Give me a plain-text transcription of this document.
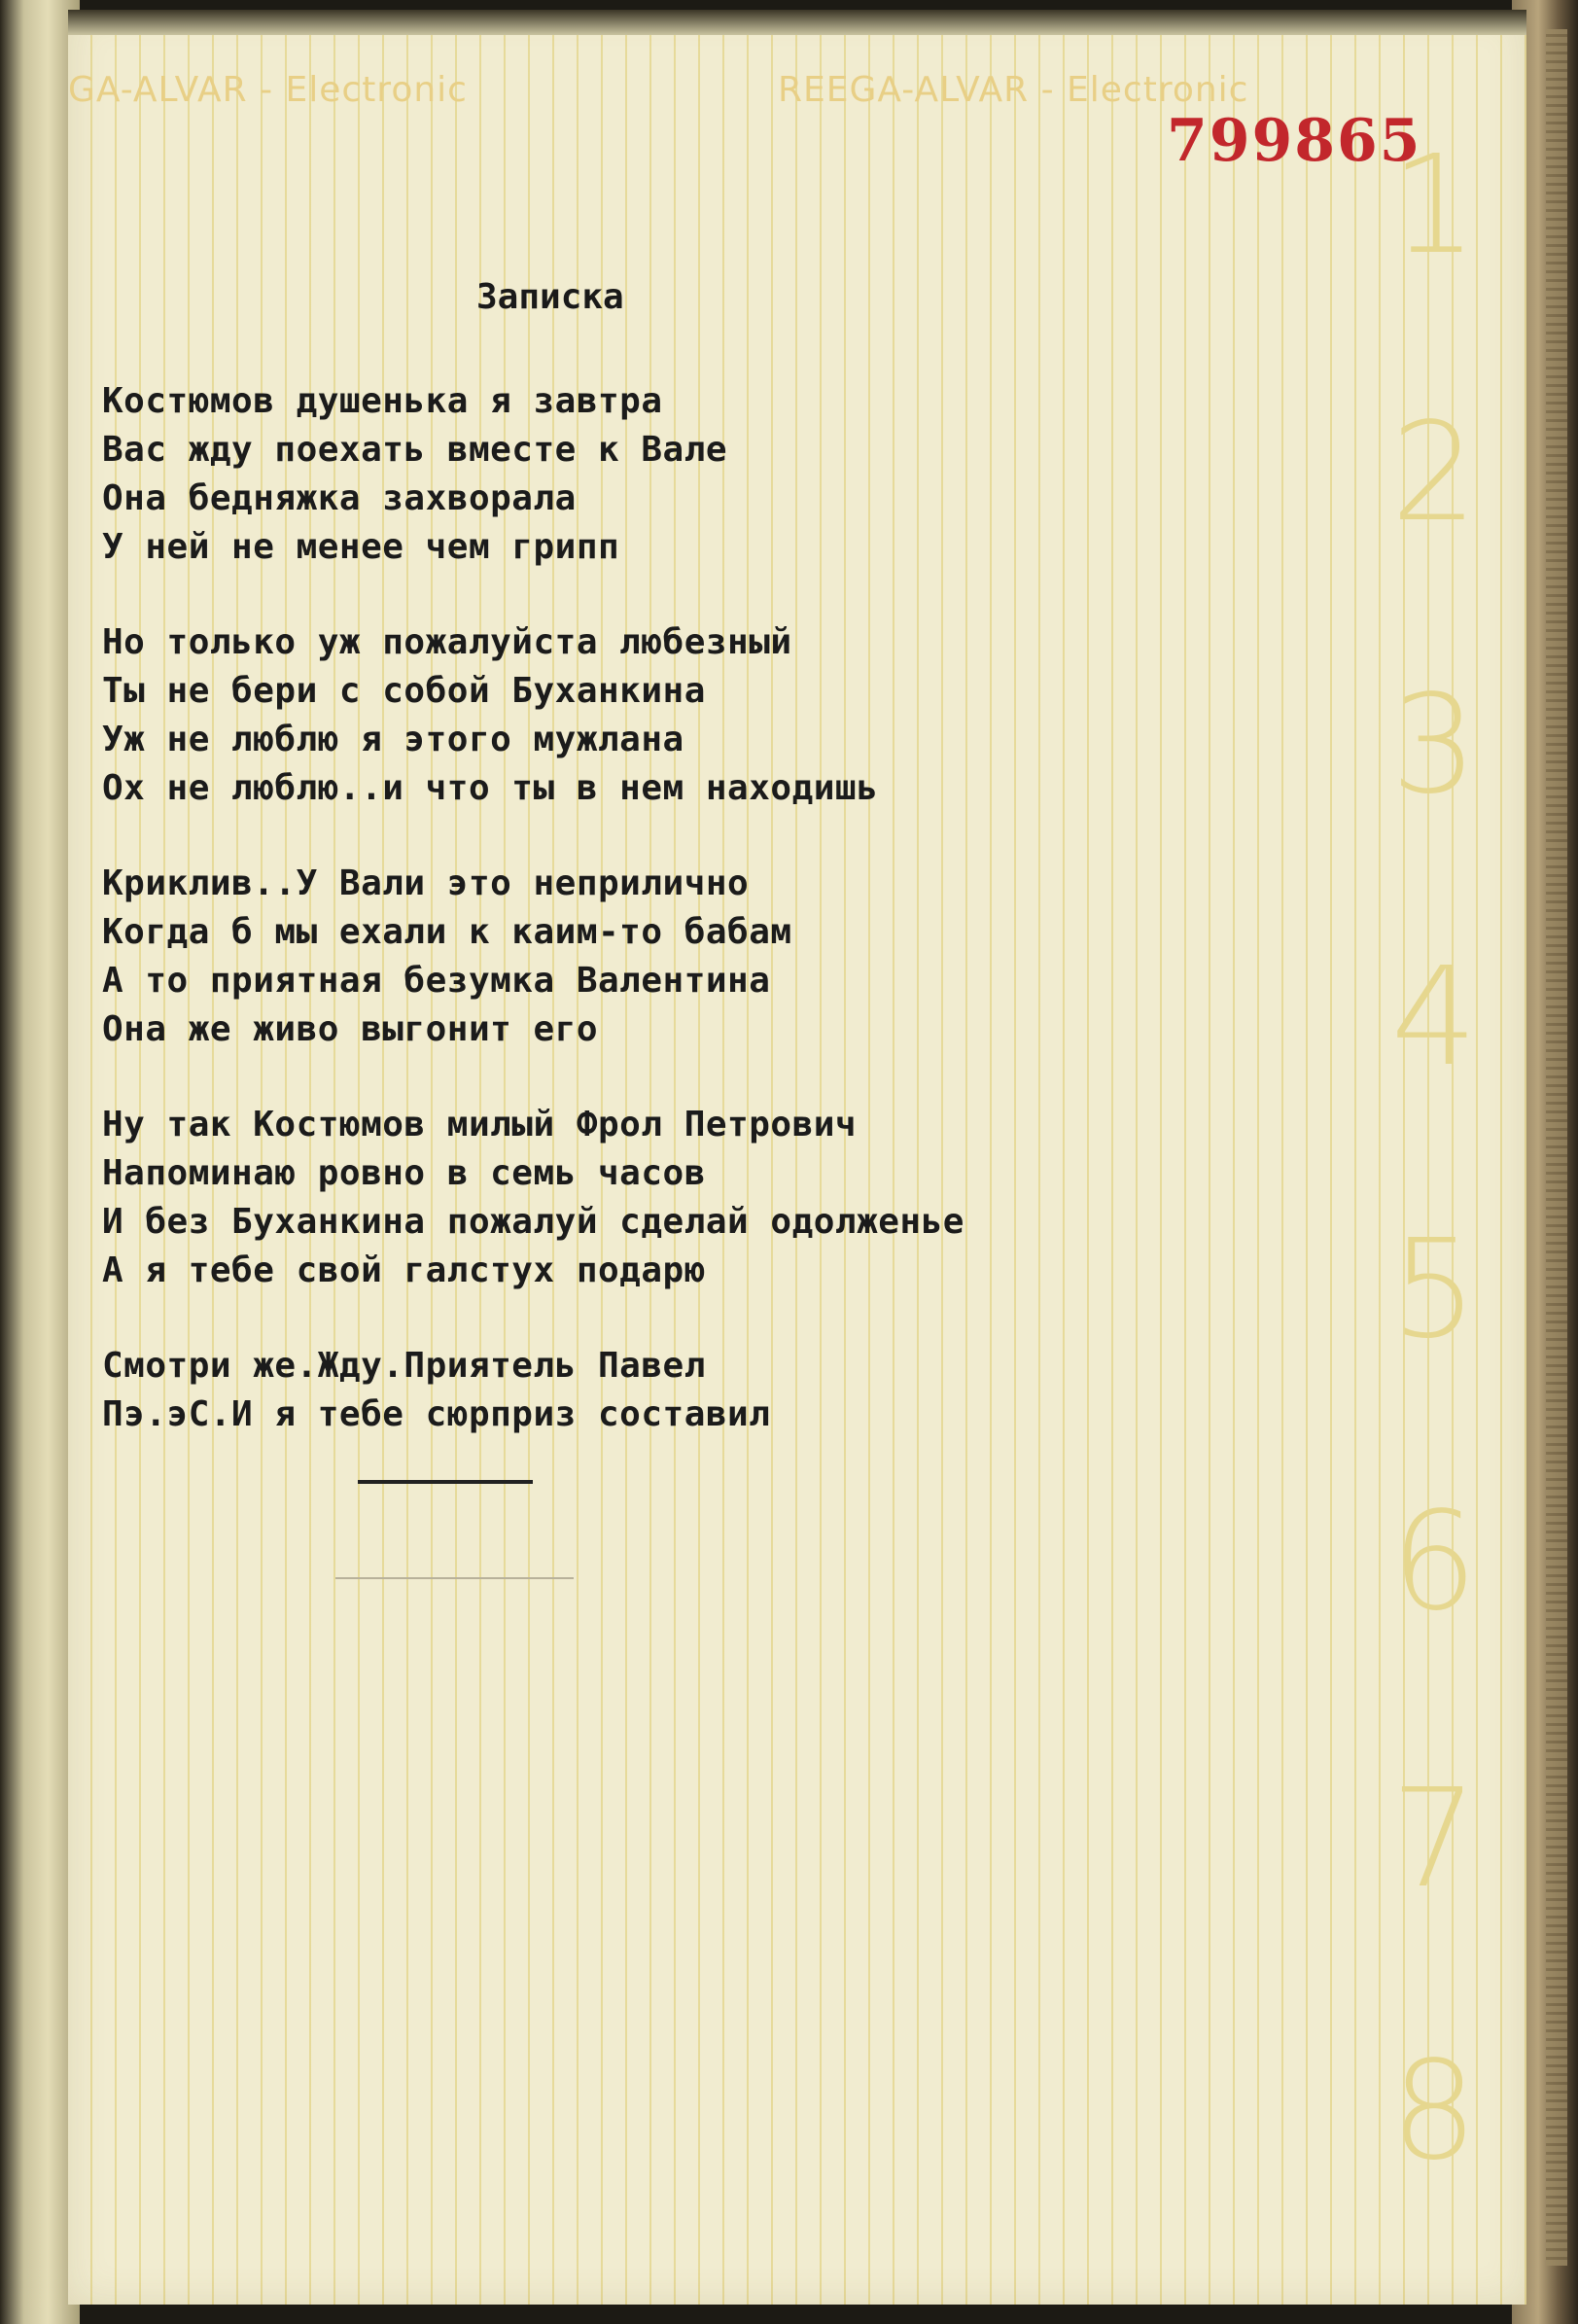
GA-ALVAR - Electronic	REEGA-ALVAR - Electronic
799865
1
2
3
4
5
6
7
8
Записка
Костюмов душенька я завтра
Вас жду поехать вместе к Вале
Она бедняжка захворала
У ней не менее чем грипп
Но только уж пожалуйста любезный
Ты не бери с собой Буханкина
Уж не люблю я этого мужлана
Ох не люблю..и что ты в нем находишь
Криклив..У Вали это неприлично
Когда б мы ехали к каим-то бабам
А то приятная безумка Валентина
Она же живо выгонит его
Ну так Костюмов милый Фрол Петрович
Напоминаю ровно в семь часов
И без Буханкина пожалуй сделай одолженье
А я тебе свой галстух подарю
Смотри же.Жду.Приятель Павел
Пэ.эС.И я тебе сюрприз составил
